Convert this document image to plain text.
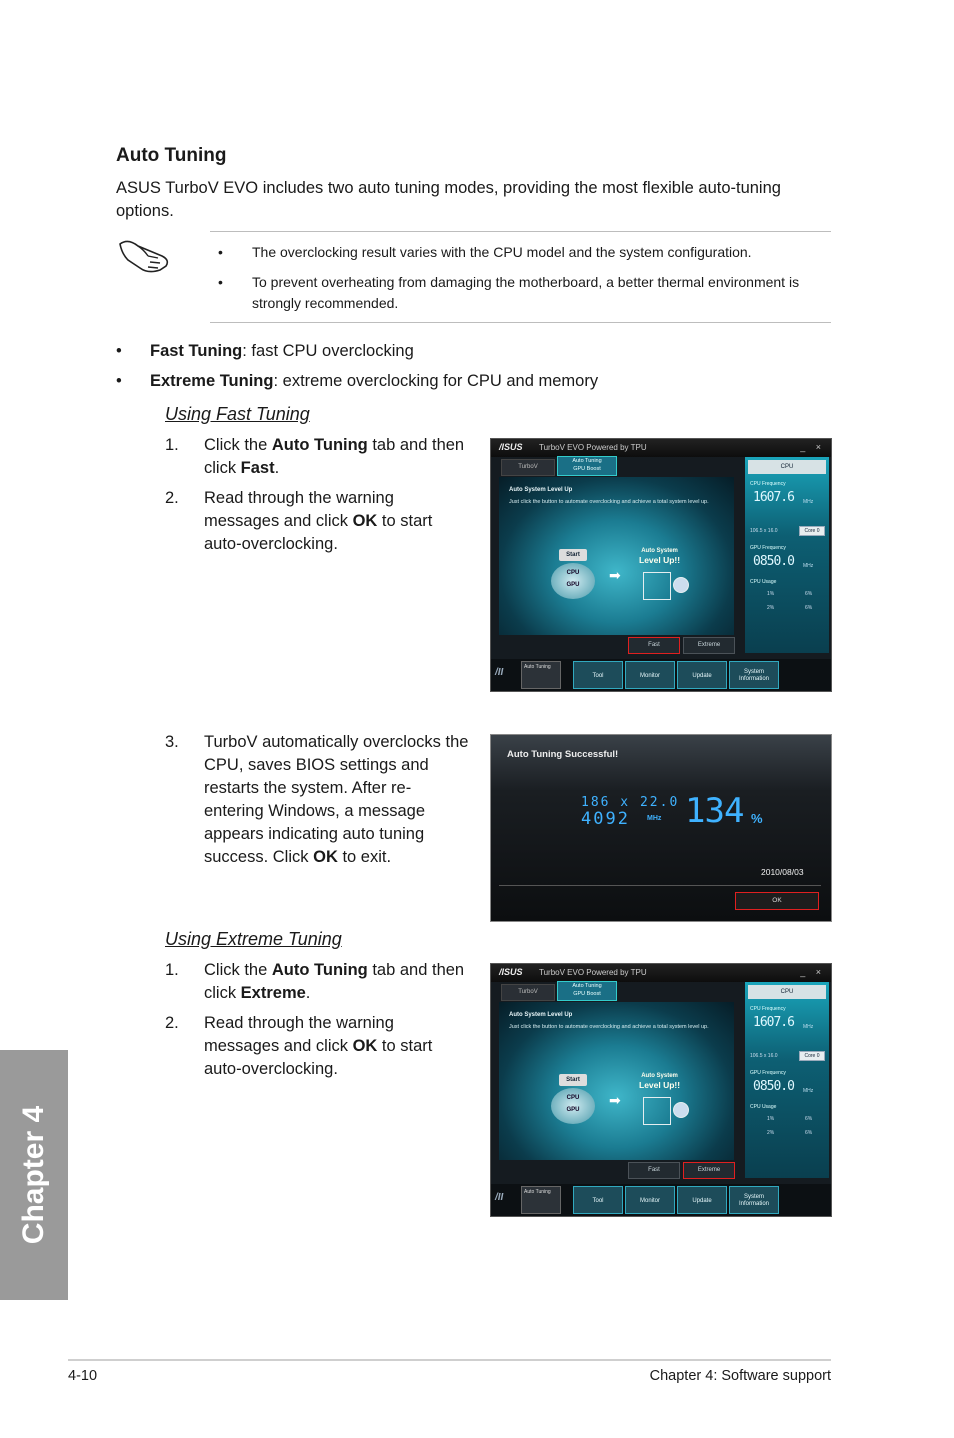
Auto Tuning
ASUS TurboV EVO includes two auto tuning modes, providing the most flexible auto-tuning options.
• The overclocking result varies with the CPU model and the system configuration.
• To prevent overheating from damaging the motherboard, a better thermal environment is strongly recommended.
• Fast Tuning: fast CPU overclocking
• Extreme Tuning: extreme overclocking for CPU and memory
Using Fast Tuning
1. Click the Auto Tuning tab and then click Fast.
2. Read through the warning messages and click OK to start auto-overclocking.
3. TurboV automatically overclocks the CPU, saves BIOS settings and restarts the system. After re-entering Windows, a message appears indicating auto tuning success. Click OK to exit.
Using Extreme Tuning
1. Click the Auto Tuning tab and then click Extreme.
2. Read through the warning messages and click OK to start auto-overclocking.
/ISUS TurboV EVO Powered by TPU	_ ×
TurboV
Auto Tuning
GPU Boost
Auto System Level Up
Just click the button to automate overclocking and achieve a total system level up.
Start
CPU
GPU
➡
Auto System
Level Up!!
Fast	Extreme
CPU
CPU Frequency
1607.6 MHz
106.5 x 16.0	Core 0
GPU Frequency
0850.0 MHz
CPU Usage
1%	6%
2%	6%
/II	Auto Tuning
Tool	Monitor	Update
System Information
Auto Tuning Successful!
186 x 22.0
4092 MHz 134 %
2010/08/03
OK
/ISUS TurboV EVO Powered by TPU	_ ×
TurboV
Auto Tuning
GPU Boost
Auto System Level Up
Just click the button to automate overclocking and achieve a total system level up.
Start
CPU
GPU
➡
Auto System
Level Up!!
Fast	Extreme
CPU
CPU Frequency
1607.6 MHz
106.5 x 16.0	Core 0
GPU Frequency
0850.0 MHz
CPU Usage
1%	6%
2%	6%
/II	Auto Tuning
Tool	Monitor	Update
System Information
Chapter 4
4-10	Chapter 4: Software support
